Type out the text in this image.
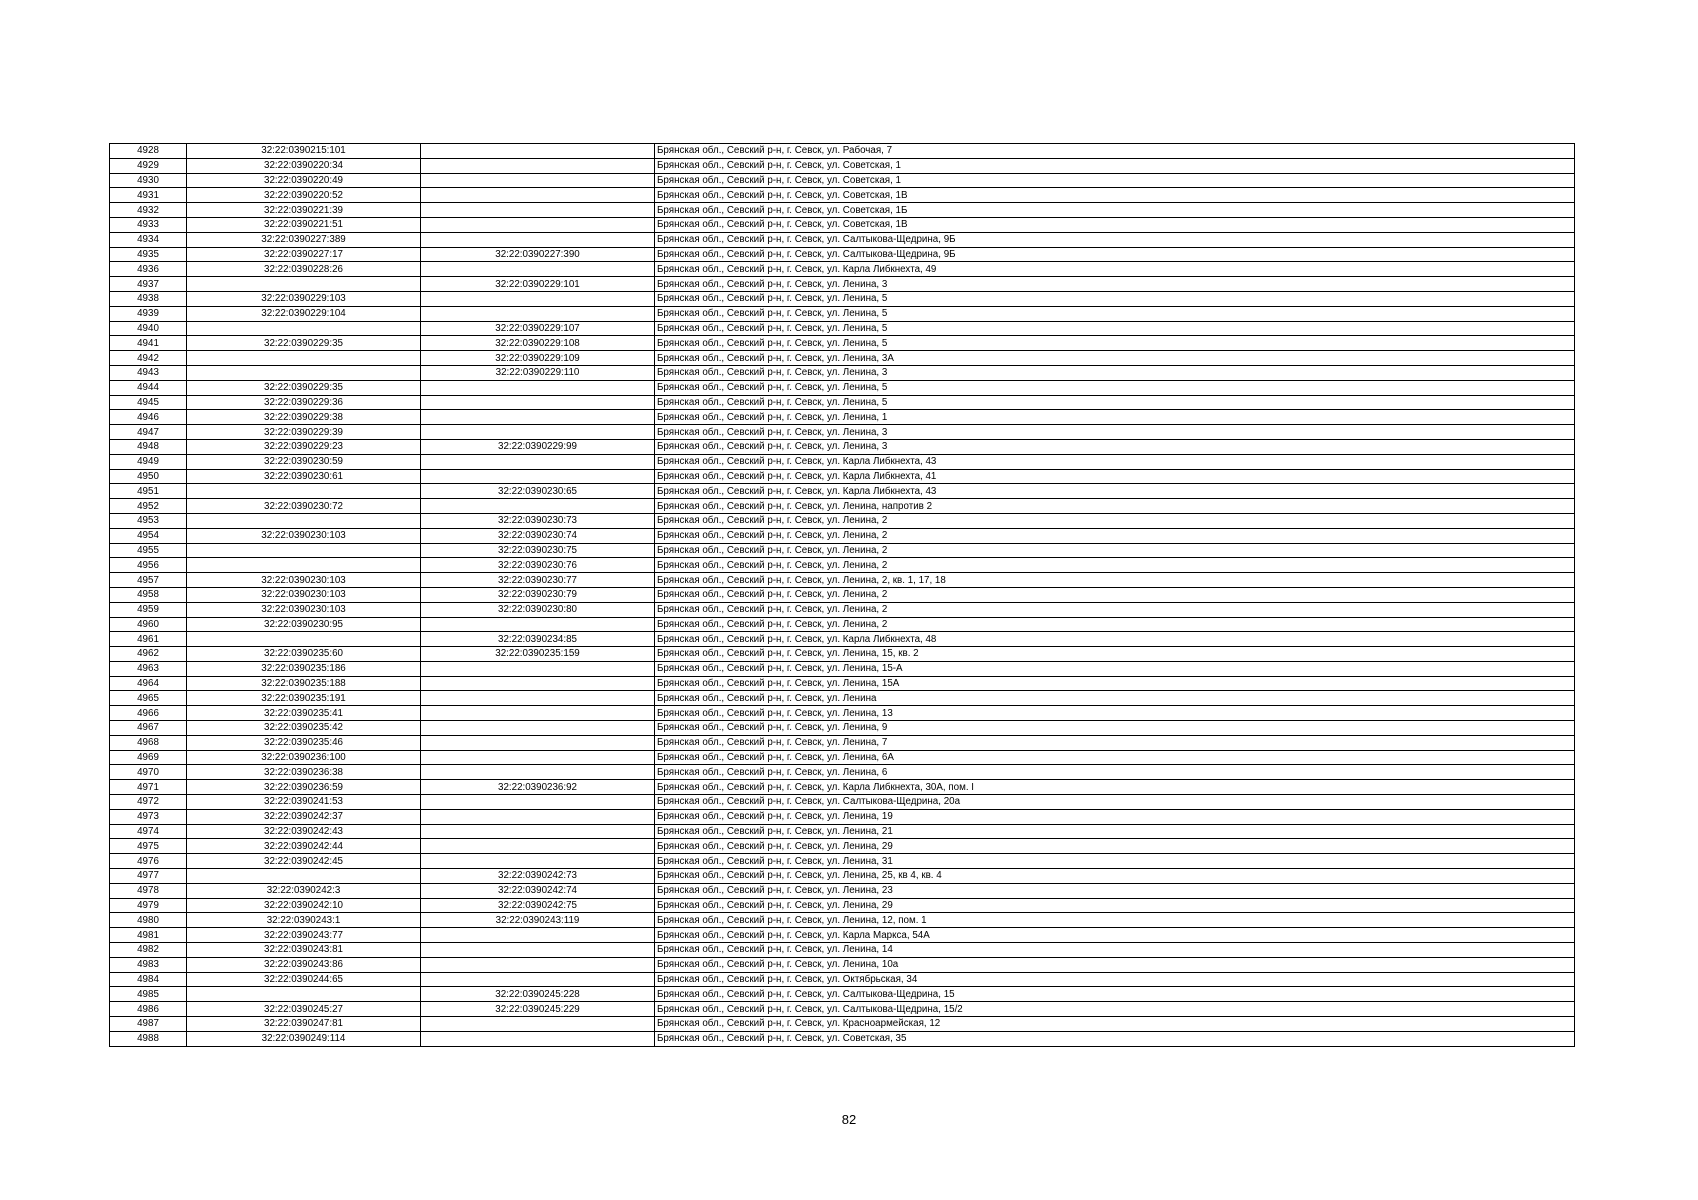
4928	32:22:0390215:101		Брянская обл., Севский р-н, г. Севск, ул. Рабочая, 7
4929	32:22:0390220:34		Брянская обл., Севский р-н, г. Севск, ул. Советская, 1
4930	32:22:0390220:49		Брянская обл., Севский р-н, г. Севск, ул. Советская, 1
4931	32:22:0390220:52		Брянская обл., Севский р-н, г. Севск, ул. Советская, 1В
4932	32:22:0390221:39		Брянская обл., Севский р-н, г. Севск, ул. Советская, 1Б
4933	32:22:0390221:51		Брянская обл., Севский р-н, г. Севск, ул. Советская, 1В
4934	32:22:0390227:389		Брянская обл., Севский р-н, г. Севск, ул. Салтыкова-Щедрина, 9Б
4935	32:22:0390227:17	32:22:0390227:390	Брянская обл., Севский р-н, г. Севск, ул. Салтыкова-Щедрина, 9Б
4936	32:22:0390228:26		Брянская обл., Севский р-н, г. Севск, ул. Карла Либкнехта, 49
4937		32:22:0390229:101	Брянская обл., Севский р-н, г. Севск, ул. Ленина, 3
4938	32:22:0390229:103		Брянская обл., Севский р-н, г. Севск, ул. Ленина, 5
4939	32:22:0390229:104		Брянская обл., Севский р-н, г. Севск, ул. Ленина, 5
4940		32:22:0390229:107	Брянская обл., Севский р-н, г. Севск, ул. Ленина, 5
4941	32:22:0390229:35	32:22:0390229:108	Брянская обл., Севский р-н, г. Севск, ул. Ленина, 5
4942		32:22:0390229:109	Брянская обл., Севский р-н, г. Севск, ул. Ленина, 3А
4943		32:22:0390229:110	Брянская обл., Севский р-н, г. Севск, ул. Ленина, 3
4944	32:22:0390229:35		Брянская обл., Севский р-н, г. Севск, ул. Ленина, 5
4945	32:22:0390229:36		Брянская обл., Севский р-н, г. Севск, ул. Ленина, 5
4946	32:22:0390229:38		Брянская обл., Севский р-н, г. Севск, ул. Ленина, 1
4947	32:22:0390229:39		Брянская обл., Севский р-н, г. Севск, ул. Ленина, 3
4948	32:22:0390229:23	32:22:0390229:99	Брянская обл., Севский р-н, г. Севск, ул. Ленина, 3
4949	32:22:0390230:59		Брянская обл., Севский р-н, г. Севск, ул. Карла Либкнехта, 43
4950	32:22:0390230:61		Брянская обл., Севский р-н, г. Севск, ул. Карла Либкнехта, 41
4951		32:22:0390230:65	Брянская обл., Севский р-н, г. Севск, ул. Карла Либкнехта, 43
4952	32:22:0390230:72		Брянская обл., Севский р-н, г. Севск, ул. Ленина, напротив 2
4953		32:22:0390230:73	Брянская обл., Севский р-н, г. Севск, ул. Ленина, 2
4954	32:22:0390230:103	32:22:0390230:74	Брянская обл., Севский р-н, г. Севск, ул. Ленина, 2
4955		32:22:0390230:75	Брянская обл., Севский р-н, г. Севск, ул. Ленина, 2
4956		32:22:0390230:76	Брянская обл., Севский р-н, г. Севск, ул. Ленина, 2
4957	32:22:0390230:103	32:22:0390230:77	Брянская обл., Севский р-н, г. Севск, ул. Ленина, 2, кв. 1, 17, 18
4958	32:22:0390230:103	32:22:0390230:79	Брянская обл., Севский р-н, г. Севск, ул. Ленина, 2
4959	32:22:0390230:103	32:22:0390230:80	Брянская обл., Севский р-н, г. Севск, ул. Ленина, 2
4960	32:22:0390230:95		Брянская обл., Севский р-н, г. Севск, ул. Ленина, 2
4961		32:22:0390234:85	Брянская обл., Севский р-н, г. Севск, ул. Карла Либкнехта, 48
4962	32:22:0390235:60	32:22:0390235:159	Брянская обл., Севский р-н, г. Севск, ул. Ленина, 15, кв. 2
4963	32:22:0390235:186		Брянская обл., Севский р-н, г. Севск, ул. Ленина, 15-А
4964	32:22:0390235:188		Брянская обл., Севский р-н, г. Севск, ул. Ленина, 15А
4965	32:22:0390235:191		Брянская обл., Севский р-н, г. Севск, ул. Ленина
4966	32:22:0390235:41		Брянская обл., Севский р-н, г. Севск, ул. Ленина, 13
4967	32:22:0390235:42		Брянская обл., Севский р-н, г. Севск, ул. Ленина, 9
4968	32:22:0390235:46		Брянская обл., Севский р-н, г. Севск, ул. Ленина, 7
4969	32:22:0390236:100		Брянская обл., Севский р-н, г. Севск, ул. Ленина, 6А
4970	32:22:0390236:38		Брянская обл., Севский р-н, г. Севск, ул. Ленина, 6
4971	32:22:0390236:59	32:22:0390236:92	Брянская обл., Севский р-н, г. Севск, ул. Карла Либкнехта, 30А, пом. I
4972	32:22:0390241:53		Брянская обл., Севский р-н, г. Севск, ул. Салтыкова-Щедрина, 20а
4973	32:22:0390242:37		Брянская обл., Севский р-н, г. Севск, ул. Ленина, 19
4974	32:22:0390242:43		Брянская обл., Севский р-н, г. Севск, ул. Ленина, 21
4975	32:22:0390242:44		Брянская обл., Севский р-н, г. Севск, ул. Ленина, 29
4976	32:22:0390242:45		Брянская обл., Севский р-н, г. Севск, ул. Ленина, 31
4977		32:22:0390242:73	Брянская обл., Севский р-н, г. Севск, ул. Ленина, 25, кв 4, кв. 4
4978	32:22:0390242:3	32:22:0390242:74	Брянская обл., Севский р-н, г. Севск, ул. Ленина, 23
4979	32:22:0390242:10	32:22:0390242:75	Брянская обл., Севский р-н, г. Севск, ул. Ленина, 29
4980	32:22:0390243:1	32:22:0390243:119	Брянская обл., Севский р-н, г. Севск, ул. Ленина, 12, пом. 1
4981	32:22:0390243:77		Брянская обл., Севский р-н, г. Севск, ул. Карла Маркса, 54А
4982	32:22:0390243:81		Брянская обл., Севский р-н, г. Севск, ул. Ленина, 14
4983	32:22:0390243:86		Брянская обл., Севский р-н, г. Севск, ул. Ленина, 10а
4984	32:22:0390244:65		Брянская обл., Севский р-н, г. Севск, ул. Октябрьская, 34
4985		32:22:0390245:228	Брянская обл., Севский р-н, г. Севск, ул. Салтыкова-Щедрина, 15
4986	32:22:0390245:27	32:22:0390245:229	Брянская обл., Севский р-н, г. Севск, ул. Салтыкова-Щедрина, 15/2
4987	32:22:0390247:81		Брянская обл., Севский р-н, г. Севск, ул. Красноармейская, 12
4988	32:22:0390249:114		Брянская обл., Севский р-н, г. Севск, ул. Советская, 35
82
